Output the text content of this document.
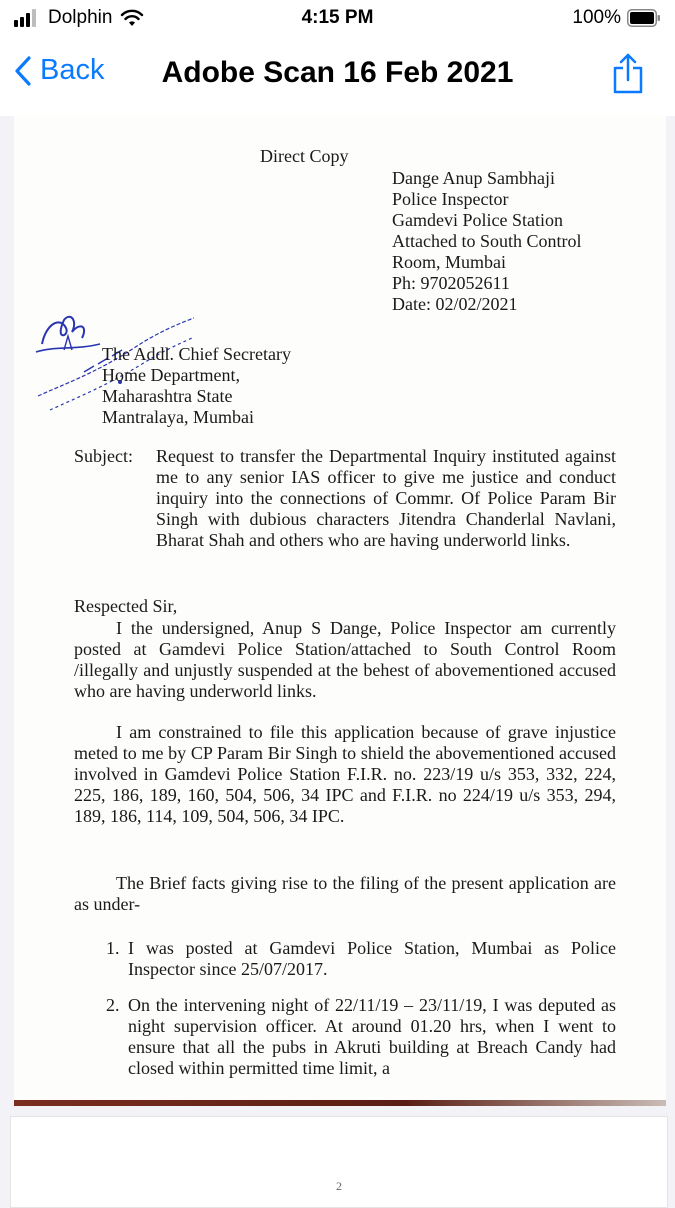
Dolphin	4:15 PM	100%
Back	Adobe Scan 16 Feb 2021
Direct Copy
Dange Anup Sambhaji
Police Inspector
Gamdevi Police Station
Attached to South Control
Room, Mumbai
Ph: 9702052611
Date: 02/02/2021
The Addl. Chief Secretary
Home Department,
Maharashtra State
Mantralaya, Mumbai
Subject: Request to transfer the Departmental Inquiry instituted against me to any senior IAS officer to give me justice and conduct inquiry into the connections of Commr. Of Police Param Bir Singh with dubious characters Jitendra Chanderlal Navlani, Bharat Shah and others who are having underworld links.
Respected Sir,
I the undersigned, Anup S Dange, Police Inspector am currently posted at Gamdevi Police Station/attached to South Control Room /illegally and unjustly suspended at the behest of abovementioned accused who are having underworld links.
I am constrained to file this application because of grave injustice meted to me by CP Param Bir Singh to shield the abovementioned accused involved in Gamdevi Police Station F.I.R. no. 223/19 u/s 353, 332, 224, 225, 186, 189, 160, 504, 506, 34 IPC and F.I.R. no 224/19 u/s 353, 294, 189, 186, 114, 109, 504, 506, 34 IPC.
The Brief facts giving rise to the filing of the present application are as under-
1. I was posted at Gamdevi Police Station, Mumbai as Police Inspector since 25/07/2017.
2. On the intervening night of 22/11/19 – 23/11/19, I was deputed as night supervision officer. At around 01.20 hrs, when I went to ensure that all the pubs in Akruti building at Breach Candy had closed within permitted time limit, a
2
